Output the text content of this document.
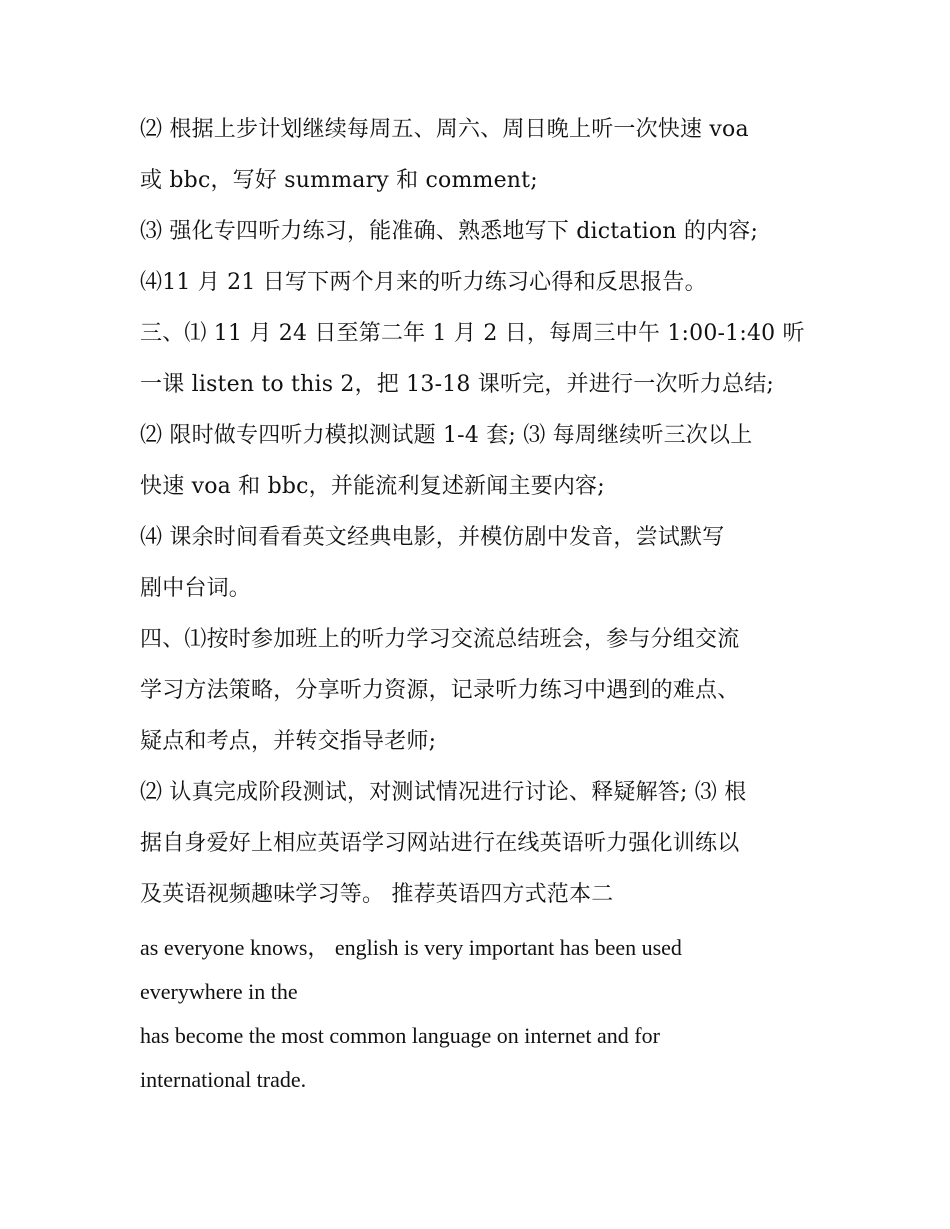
⑵ 根据上步计划继续每周五、周六、周日晚上听一次快速 voa
或 bbc，写好 summary 和 comment;
⑶ 强化专四听力练习，能准确、熟悉地写下 dictation 的内容;
⑷11 月 21 日写下两个月来的听力练习心得和反思报告。
三、⑴ 11 月 24 日至第二年 1 月 2 日，每周三中午 1:00-1:40 听
一课 listen to this 2，把 13-18 课听完，并进行一次听力总结;
⑵ 限时做专四听力模拟测试题 1-4 套; ⑶ 每周继续听三次以上
快速 voa 和 bbc，并能流利复述新闻主要内容;
⑷ 课余时间看看英文经典电影，并模仿剧中发音，尝试默写
剧中台词。
四、⑴按时参加班上的听力学习交流总结班会，参与分组交流
学习方法策略，分享听力资源，记录听力练习中遇到的难点、
疑点和考点，并转交指导老师;
⑵ 认真完成阶段测试，对测试情况进行讨论、释疑解答; ⑶ 根
据自身爱好上相应英语学习网站进行在线英语听力强化训练以
及英语视频趣味学习等。 推荐英语四方式范本二
as everyone knows， english is very important has been used
everywhere in the
has become the most common language on internet and for
international trade.
